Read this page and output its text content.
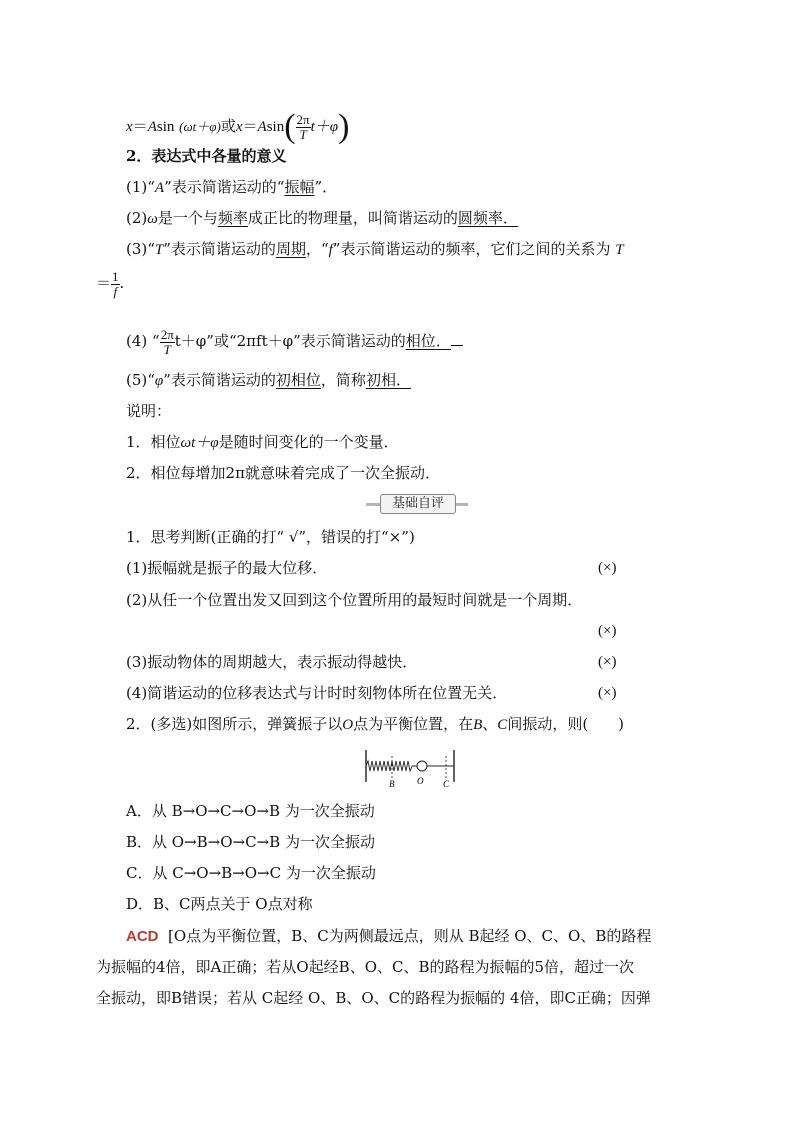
x＝Asin (ωt＋φ)或$x=Asin( \frac{2\pi}{T} t+\varphi)$
2．表达式中各量的意义
(1)“A”表示简谐运动的“振幅”．
(2)ω是一个与频率成正比的物理量，叫简谐运动的圆频率．
(3)“T”表示简谐运动的周期，“f”表示简谐运动的频率，它们之间的关系为 T
＝ $\frac{1}{f}$ .
(4) “ $\frac{2\pi}{T} t+\varphi$”或“2πft＋φ”表示简谐运动的相位．
(5)“φ”表示简谐运动的初相位，简称初相．
说明：
1．相位ωt＋φ是随时间变化的一个变量．
2．相位每增加2π就意味着完成了一次全振动．
基础自评
1．思考判断(正确的打“ √”，错误的打“×”)
(1)振幅就是振子的最大位移．	(×)
(2)从任一个位置出发又回到这个位置所用的最短时间就是一个周期．
(×)
(3)振动物体的周期越大，表示振动得越快．	(×)
(4)简谐运动的位移表达式与计时时刻物体所在位置无关．	(×)
2．(多选)如图所示，弹簧振子以O点为平衡位置，在B、C间振动，则(　　)
B	O C
A．从 B→O→C→O→B 为一次全振动
B．从 O→B→O→C→B 为一次全振动
C．从 C→O→B→O→C 为一次全振动
D．B、C两点关于 O点对称
ACD [O点为平衡位置，B、C为两侧最远点，则从 B起经 O、C、O、B的路程
为振幅的4倍，即A正确；若从O起经B、O、C、B的路程为振幅的5倍，超过一次
全振动，即B错误；若从 C起经 O、B、O、C的路程为振幅的 4倍，即C正确；因弹
